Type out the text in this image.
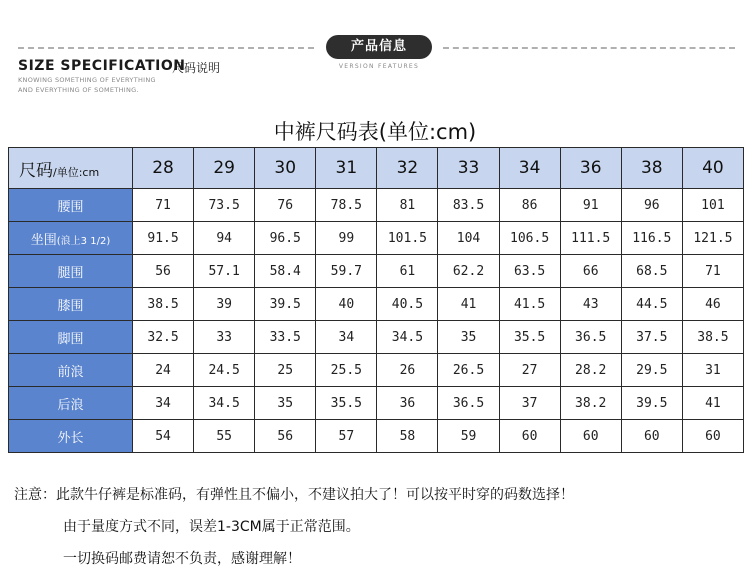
产品信息
VERSION FEATURES
SIZE SPECIFICATION
尺码说明
KNOWING SOMETHING OF EVERYTHING
AND EVERYTHING OF SOMETHING.
中裤尺码表(单位:cm)
尺码/单位:cm	28	29	30	31	32	33	34	36	38	40
腰围	71	73.5	76	78.5	81	83.5	86	91	96	101
坐围(浪上3 1/2)	91.5	94	96.5	99	101.5	104	106.5	111.5	116.5	121.5
腿围	56	57.1	58.4	59.7	61	62.2	63.5	66	68.5	71
膝围	38.5	39	39.5	40	40.5	41	41.5	43	44.5	46
脚围	32.5	33	33.5	34	34.5	35	35.5	36.5	37.5	38.5
前浪	24	24.5	25	25.5	26	26.5	27	28.2	29.5	31
后浪	34	34.5	35	35.5	36	36.5	37	38.2	39.5	41
外长	54	55	56	57	58	59	60	60	60	60
注意：此款牛仔裤是标准码，有弹性且不偏小，不建议拍大了！可以按平时穿的码数选择！
由于量度方式不同，误差1-3CM属于正常范围。
一切换码邮费请恕不负责，感谢理解！
